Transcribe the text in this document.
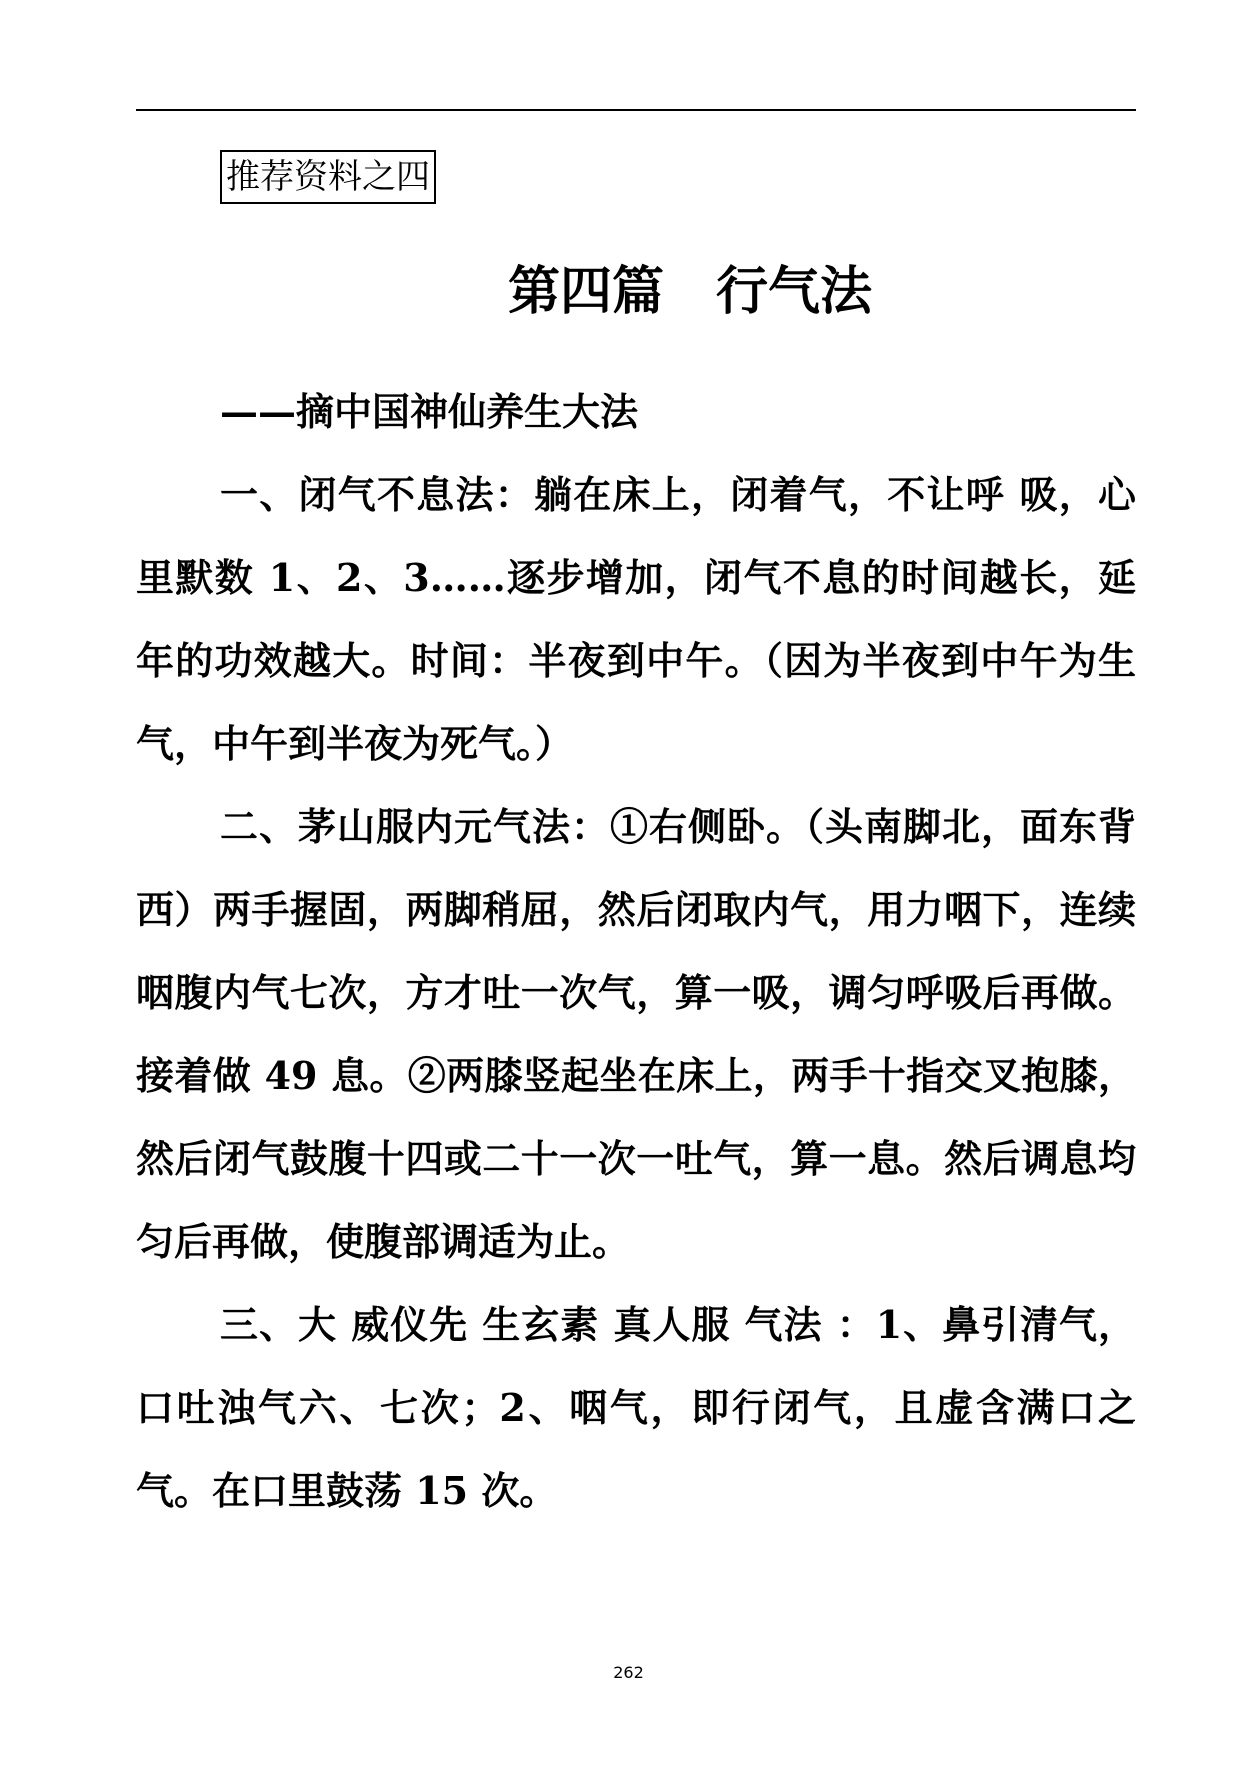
推荐资料之四
第四篇　行气法

——摘中国神仙养生大法

一、闭气不息法：躺在床上，闭着气，不让呼 吸，心里默数 1、2、3……逐步增加，闭气不息的时间越长，延年的功效越大。时间：半夜到中午。（因为半夜到中午为生气，中午到半夜为死气。）

二、茅山服内元气法：①右侧卧。（头南脚北，面东背西）两手握固，两脚稍屈，然后闭取内气，用力咽下，连续咽腹内气七次，方才吐一次气，算一吸，调匀呼吸后再做。接着做 49 息。②两膝竖起坐在床上，两手十指交叉抱膝，然后闭气鼓腹十四或二十一次一吐气，算一息。然后调息均匀后再做，使腹部调适为止。

三、大 威仪先 生玄素 真人服 气法 ：1、鼻引清气，口吐浊气六、七次；2、咽气，即行闭气，且虚含满口之气。在口里鼓荡 15 次。

262
